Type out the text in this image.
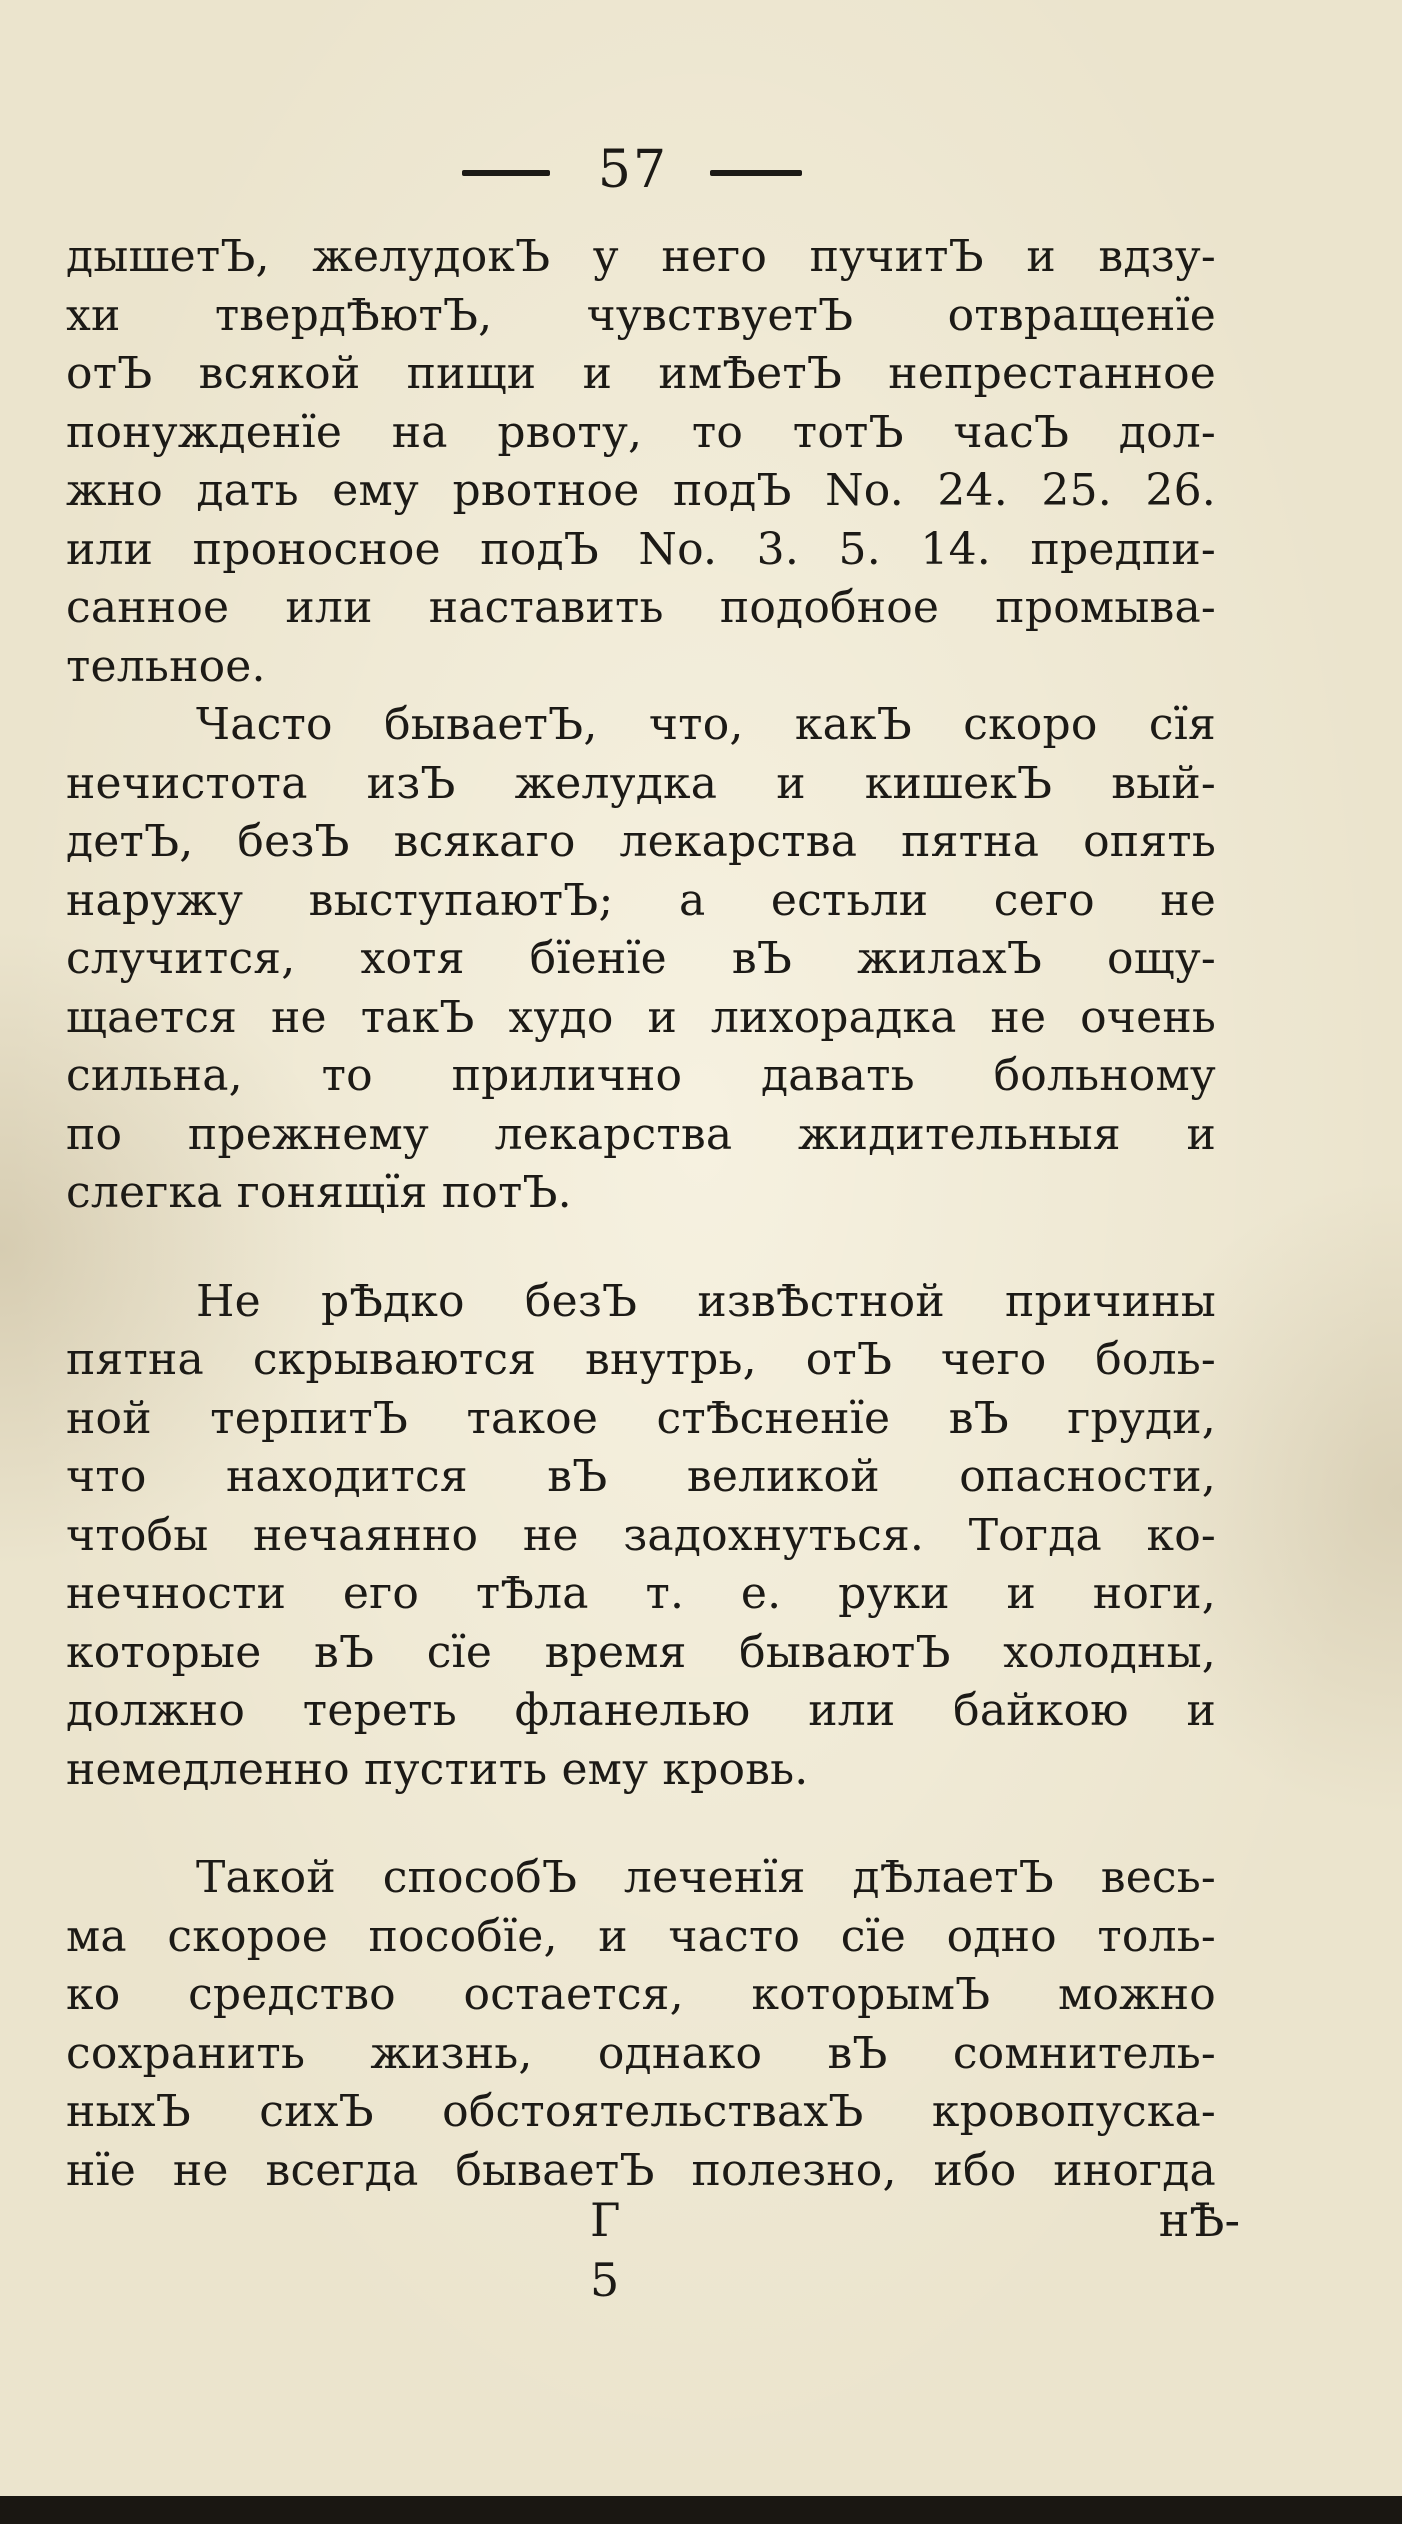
57
дышетЪ, желудокЪ у него пучитЪ и вдзу-
хи твердѢютЪ, чувствуетЪ отвращенїе
отЪ всякой пищи и имѢетЪ непрестанное
понужденїе на рвоту, то тотЪ часЪ дол-
жно дать ему рвотное подЪ No. 24. 25. 26.
или проносное подЪ No. 3. 5. 14. предпи-
санное или наставить подобное промыва-
тельное.
Часто бываетЪ, что, какЪ скоро сїя
нечистота изЪ желудка и кишекЪ вый-
детЪ, безЪ всякаго лекарства пятна опять
наружу выступаютЪ; а естьли сего не
случится, хотя бїенїе вЪ жилахЪ ощу-
щается не такЪ худо и лихорадка не очень
сильна, то прилично давать больному
по прежнему лекарства жидительныя и
слегка гонящїя потЪ.
Не рѢдко безЪ извѢстной причины
пятна скрываются внутрь, отЪ чего боль-
ной терпитЪ такое стѢсненїе вЪ груди,
что находится вЪ великой опасности,
чтобы нечаянно не задохнуться. Тогда ко-
нечности его тѢла т. е. руки и ноги,
которые вЪ сїе время бываютЪ холодны,
должно тереть фланелью или байкою и
немедленно пустить ему кровь.
Такой способЪ леченїя дѢлаетЪ весь-
ма скорое пособїе, и часто сїе одно толь-
ко средство остается, которымЪ можно
сохранить жизнь, однако вЪ сомнитель-
ныхЪ сихЪ обстоятельствахЪ кровопуска-
нїе не всегда бываетЪ полезно, ибо иногда
Г 5
нѢ-
